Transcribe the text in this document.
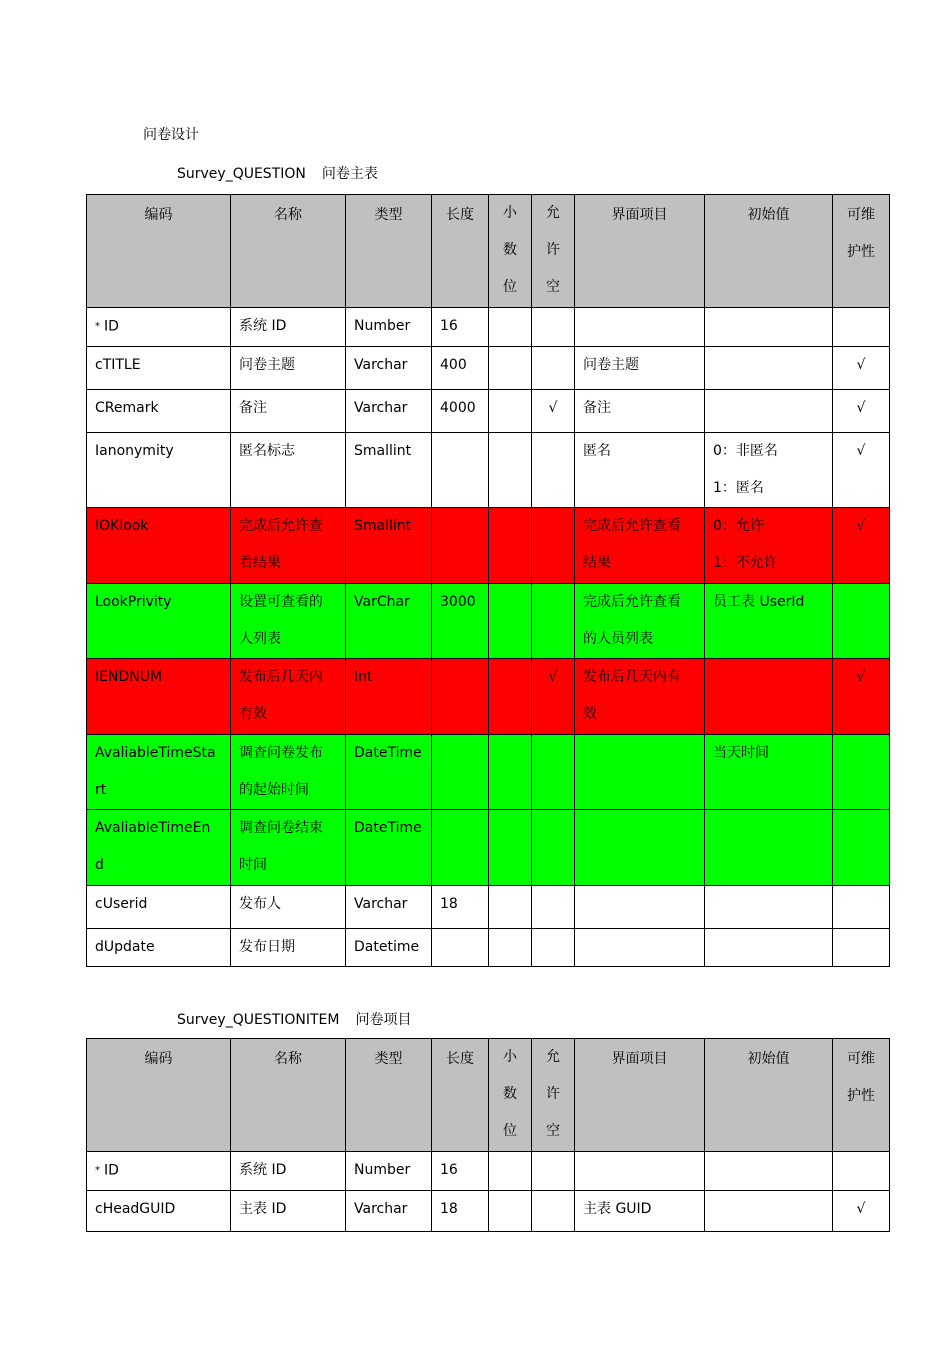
问卷设计
Survey_QUESTION 问卷主表
编码	名称	类型	长度	小
数
位	允
许
空	界面项目	初始值	可维
护性
* ID	系统 ID	Number	16					
cTITLE	问卷主题	Varchar	400			问卷主题		√
CRemark	备注	Varchar	4000		√	备注		√
Ianonymity	匿名标志	Smallint				匿名	0：非匿名
1：匿名	√
IOKlook	完成后允许查
看结果	Smallint				完成后允许查看
结果	0：允许
1：不允许	√
LookPrivity	设置可查看的
人列表	VarChar	3000			完成后允许查看
的人员列表	员工表 UserId	
IENDNUM	发布后几天内
有效	Int			√	发布后几天内有
效		√
AvaliableTimeSta
rt	调查问卷发布
的起始时间	DateTime					当天时间	
AvaliableTimeEn
d	调查问卷结束
时间	DateTime						
cUserid	发布人	Varchar	18					
dUpdate	发布日期	Datetime						
Survey_QUESTIONITEM 问卷项目
编码	名称	类型	长度	小
数
位	允
许
空	界面项目	初始值	可维
护性
* ID	系统 ID	Number	16					
cHeadGUID	主表 ID	Varchar	18			主表 GUID		√
